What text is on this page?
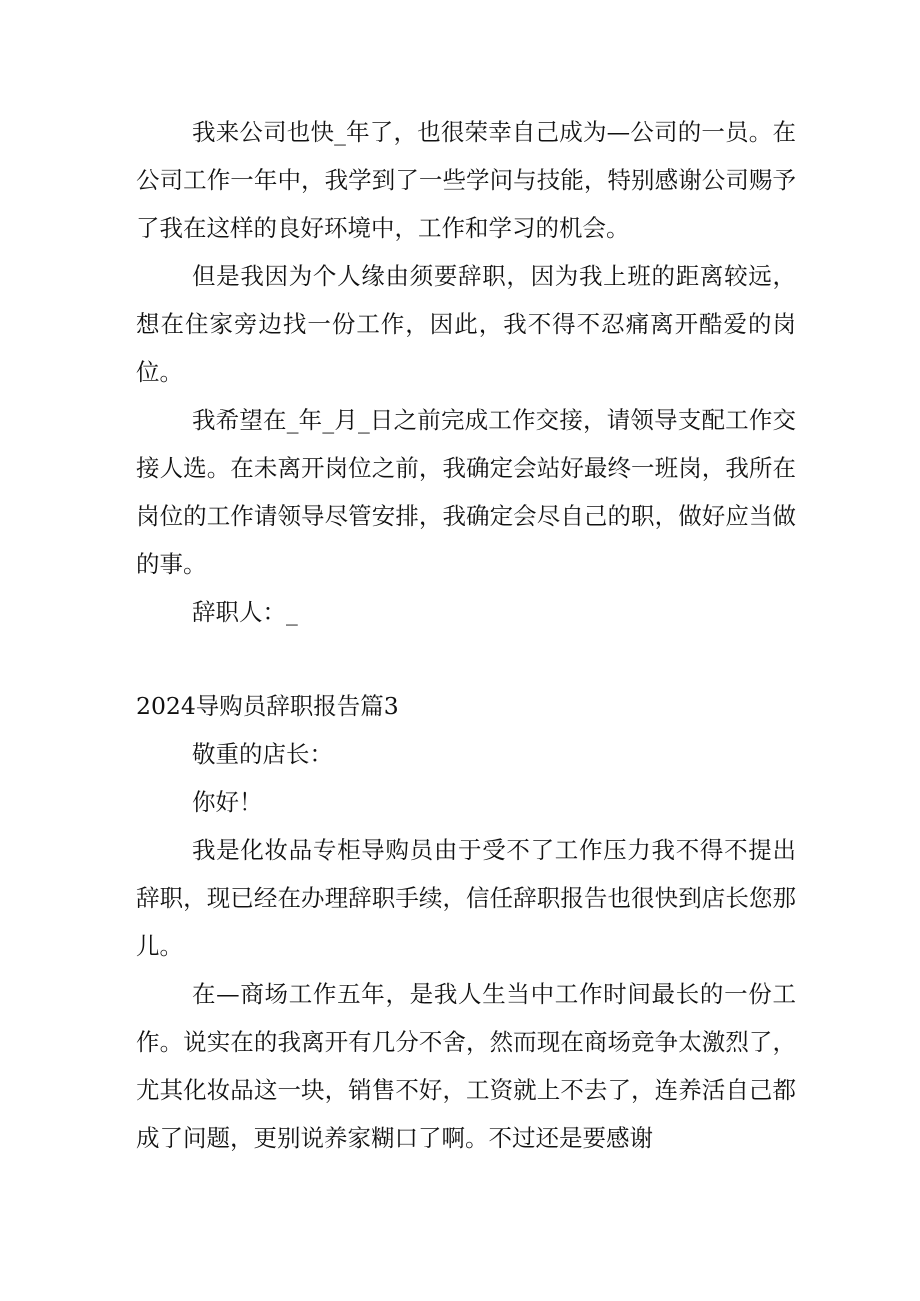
我来公司也快_年了，也很荣幸自己成为—公司的一员。在公司工作一年中，我学到了一些学问与技能，特别感谢公司赐予了我在这样的良好环境中，工作和学习的机会。

但是我因为个人缘由须要辞职，因为我上班的距离较远，想在住家旁边找一份工作，因此，我不得不忍痛离开酷爱的岗位。

我希望在_年_月_日之前完成工作交接，请领导支配工作交接人选。在未离开岗位之前，我确定会站好最终一班岗，我所在岗位的工作请领导尽管安排，我确定会尽自己的职，做好应当做的事。

辞职人：_

2024导购员辞职报告篇3

敬重的店长：

你好！

我是化妆品专柜导购员由于受不了工作压力我不得不提出辞职，现已经在办理辞职手续，信任辞职报告也很快到店长您那儿。

在—商场工作五年，是我人生当中工作时间最长的一份工作。说实在的我离开有几分不舍，然而现在商场竞争太激烈了，尤其化妆品这一块，销售不好，工资就上不去了，连养活自己都成了问题，更别说养家糊口了啊。不过还是要感谢
